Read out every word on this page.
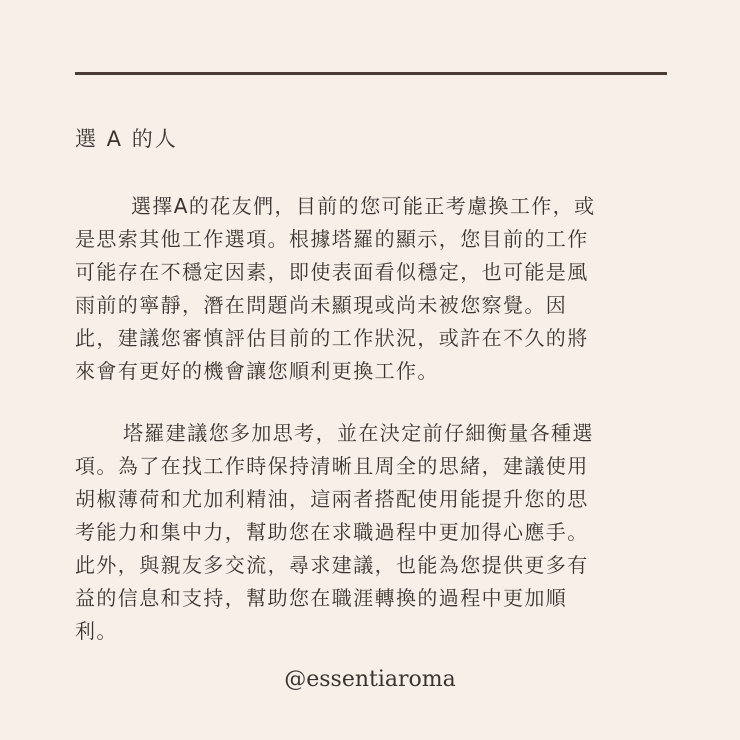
選 A 的人
選擇A的花友們，目前的您可能正考慮換工作，或
是思索其他工作選項。根據塔羅的顯示，您目前的工作
可能存在不穩定因素，即使表面看似穩定，也可能是風
雨前的寧靜，潛在問題尚未顯現或尚未被您察覺。因
此，建議您審慎評估目前的工作狀況，或許在不久的將
來會有更好的機會讓您順利更換工作。
塔羅建議您多加思考，並在決定前仔細衡量各種選
項。為了在找工作時保持清晰且周全的思緒，建議使用
胡椒薄荷和尤加利精油，這兩者搭配使用能提升您的思
考能力和集中力，幫助您在求職過程中更加得心應手。
此外，與親友多交流，尋求建議，也能為您提供更多有
益的信息和支持，幫助您在職涯轉換的過程中更加順
利。
@essentiaroma
